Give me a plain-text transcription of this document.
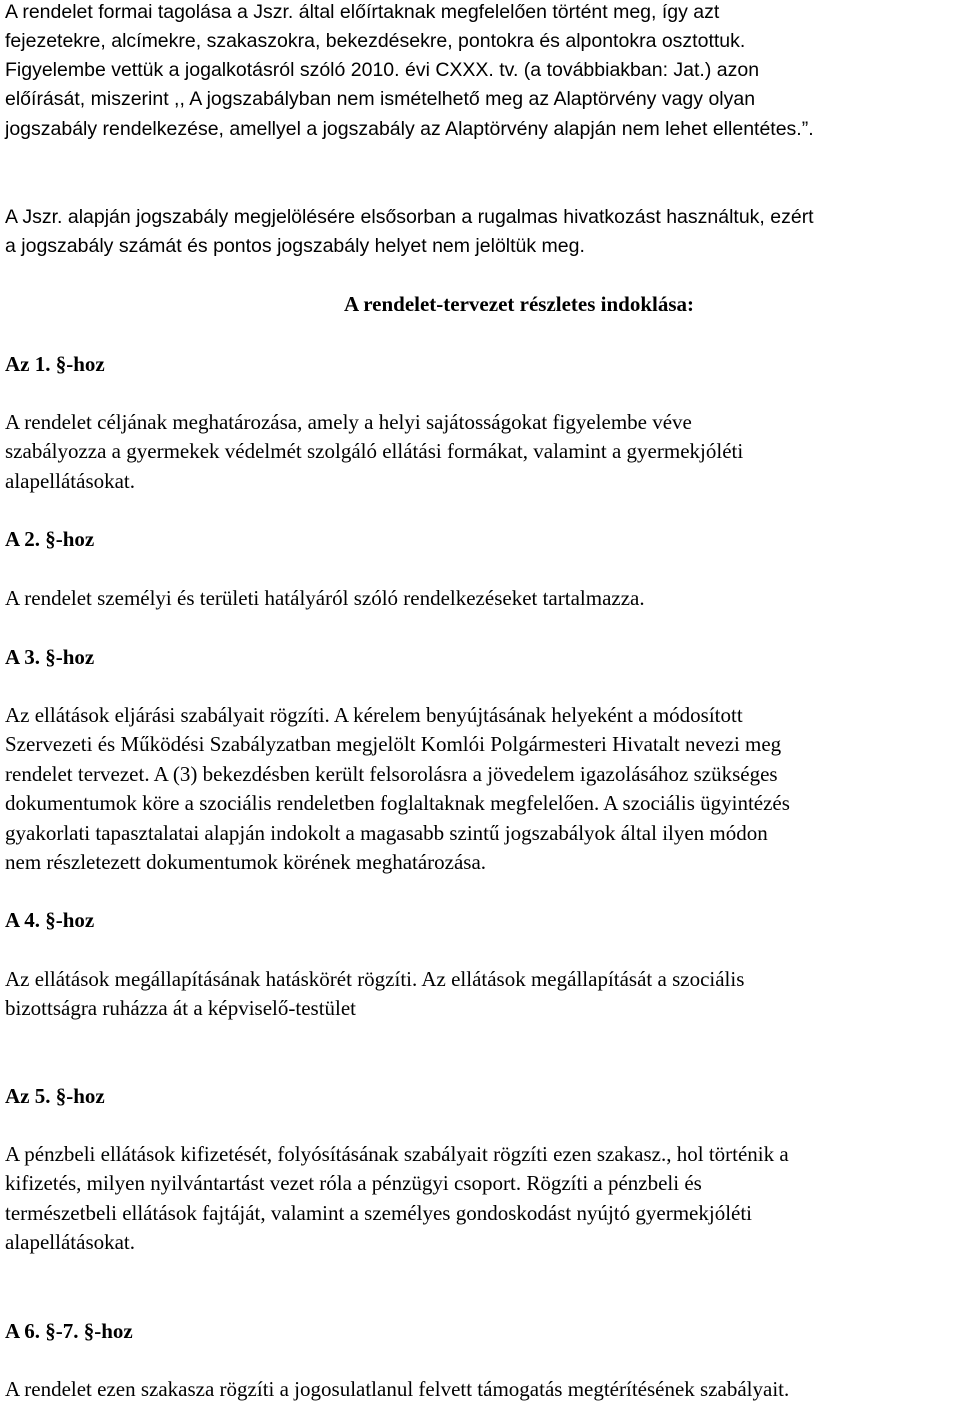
A rendelet formai tagolása a Jszr. által előírtaknak megfelelően történt meg, így azt
fejezetekre, alcímekre, szakaszokra, bekezdésekre, pontokra és alpontokra osztottuk.
Figyelembe vettük a jogalkotásról szóló 2010. évi CXXX. tv. (a továbbiakban: Jat.) azon
előírását, miszerint ,, A jogszabályban nem ismételhető meg az Alaptörvény vagy olyan
jogszabály rendelkezése, amellyel a jogszabály az Alaptörvény alapján nem lehet ellentétes.”.
A Jszr. alapján jogszabály megjelölésére elsősorban a rugalmas hivatkozást használtuk, ezért
a jogszabály számát és pontos jogszabály helyet nem jelöltük meg.
A rendelet-tervezet részletes indoklása:
Az 1. §-hoz
A rendelet céljának meghatározása, amely a helyi sajátosságokat figyelembe véve
szabályozza a gyermekek védelmét szolgáló ellátási formákat, valamint a gyermekjóléti
alapellátásokat.
A 2. §-hoz
A rendelet személyi és területi hatályáról szóló rendelkezéseket tartalmazza.
A 3. §-hoz
Az ellátások eljárási szabályait rögzíti. A kérelem benyújtásának helyeként a módosított
Szervezeti és Működési Szabályzatban megjelölt Komlói Polgármesteri Hivatalt nevezi meg
rendelet tervezet. A (3) bekezdésben került felsorolásra a jövedelem igazolásához szükséges
dokumentumok köre a szociális rendeletben foglaltaknak megfelelően. A szociális ügyintézés
gyakorlati tapasztalatai alapján indokolt a magasabb szintű jogszabályok által ilyen módon
nem részletezett dokumentumok körének meghatározása.
A 4. §-hoz
Az ellátások megállapításának hatáskörét rögzíti. Az ellátások megállapítását a szociális
bizottságra ruházza át a képviselő-testület
Az 5. §-hoz
A pénzbeli ellátások kifizetését, folyósításának szabályait rögzíti ezen szakasz., hol történik a
kifizetés, milyen nyilvántartást vezet róla a pénzügyi csoport. Rögzíti a pénzbeli és
természetbeli ellátások fajtáját, valamint a személyes gondoskodást nyújtó gyermekjóléti
alapellátásokat.
A 6. §-7. §-hoz
A rendelet ezen szakasza rögzíti a jogosulatlanul felvett támogatás megtérítésének szabályait.
